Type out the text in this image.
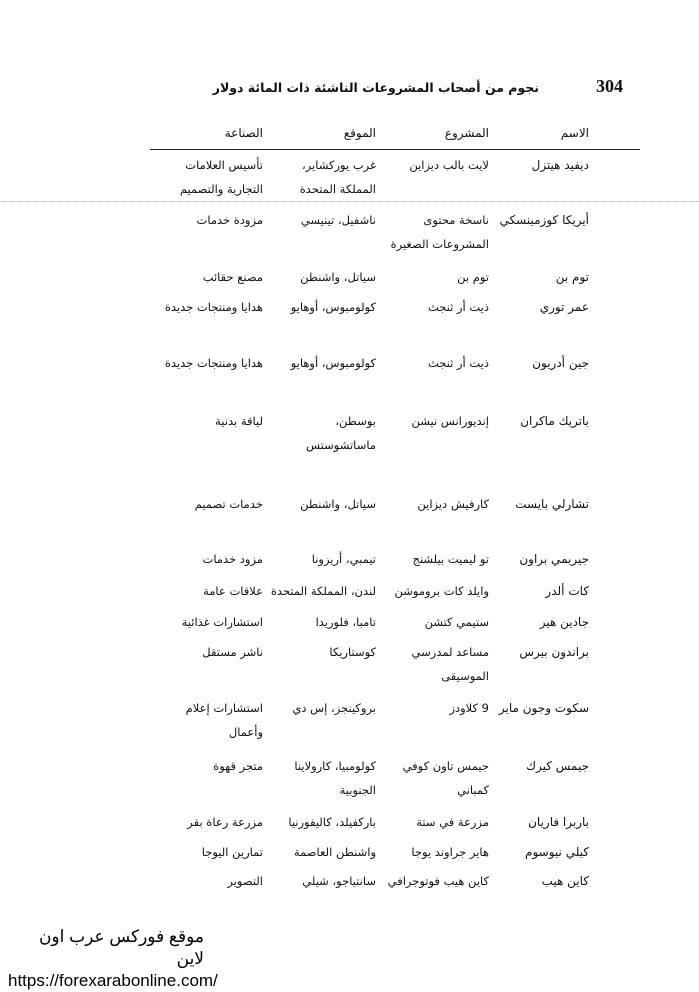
304
نجوم من أصحاب المشروعات الناشئة ذات المائة دولار
الاسم
المشروع
الموقع
الصناعة
ديفيد هيتزل
لايت بالب ديزاين
غرب يوركشاير،
المملكة المتحدة
تأسيس العلامات
التجارية والتصميم
أيريكا كوزمينسكي
ناسخة محتوى
المشروعات الصغيرة
ناشفيل، تينيسي
مزودة خدمات
توم بن
توم بن
سياتل، واشنطن
مصنع حقائب
عمر توري
ذيت أر ثنجث
كولومبوس، أوهايو
هدايا ومنتجات جديدة
جين أدريون
ذيت أر ثنجث
كولومبوس، أوهايو
هدايا ومنتجات جديدة
باتريك ماكران
إنديورانس نيشن
بوسطن،
ماساتشوستس
لياقة بدنية
تشارلي بايست
كارفيش ديزاين
سياتل، واشنطن
خدمات تصميم
جيريمي براون
تو ليميت بيلشنج
تيمبي، أريزونا
مزود خدمات
كات ألدر
وايلد كات بروموشن
لندن، المملكة المتحدة
علاقات عامة
جادين هير
ستيمي كتشن
تامبا، فلوريدا
استشارات غذائية
براندون بيرس
مساعد لمدرسي
الموسيقى
كوستاريكا
ناشر مستقل
سكوت وجون ماير
9 كلاودز
بروكينجز، إس دي
استشارات إعلام
وأعمال
جيمس كيرك
جيمس تاون كوفي
كمباني
كولومبيا، كارولاينا
الجنوبية
متجر قهوة
باربرا فاريان
مزرعة في ستة
باركفيلد، كاليفورنيا
مزرعة رعاة بقر
كيلي نيوسوم
هاير جراوند يوجا
واشنطن العاصمة
تمارين اليوجا
كاين هيب
كاين هيب فوتوجرافي
سانتياجو، شيلي
التصوير
موقع فوركس عرب اون لاين
https://forexarabonline.com/
